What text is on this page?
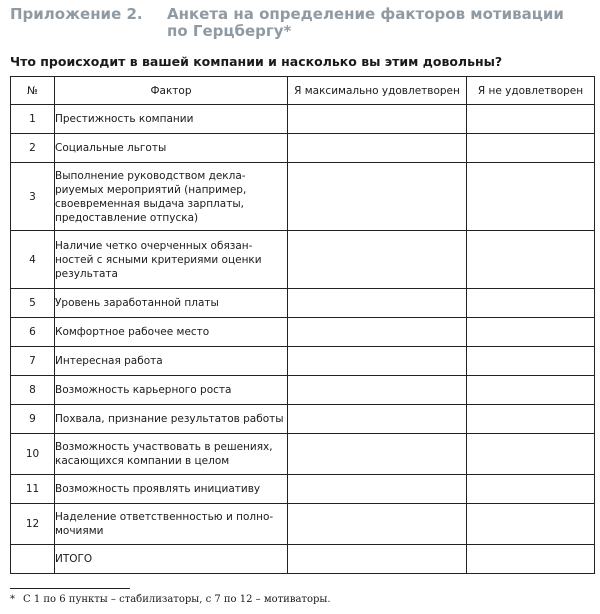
Приложение 2. Анкета на определение факторов мотивации по Герцбергу*
Что происходит в вашей компании и насколько вы этим довольны?
№	Фактор	Я максимально удовлетворен	Я не удовлетворен
1	Престижность компании		
2	Социальные льготы		
3	Выполнение руководством декла-риуемых мероприятий (например, своевременная выдача зарплаты, предоставление отпуска)		
4	Наличие четко очерченных обязан-ностей с ясными критериями оценки результата		
5	Уровень заработанной платы		
6	Комфортное рабочее место		
7	Интересная работа		
8	Возможность карьерного роста		
9	Похвала, признание результатов работы		
10	Возможность участвовать в решениях, касающихся компании в целом		
11	Возможность проявлять инициативу		
12	Наделение ответственностью и полно-мочиями		
	ИТОГО		
* С 1 по 6 пункты – стабилизаторы, с 7 по 12 – мотиваторы.
